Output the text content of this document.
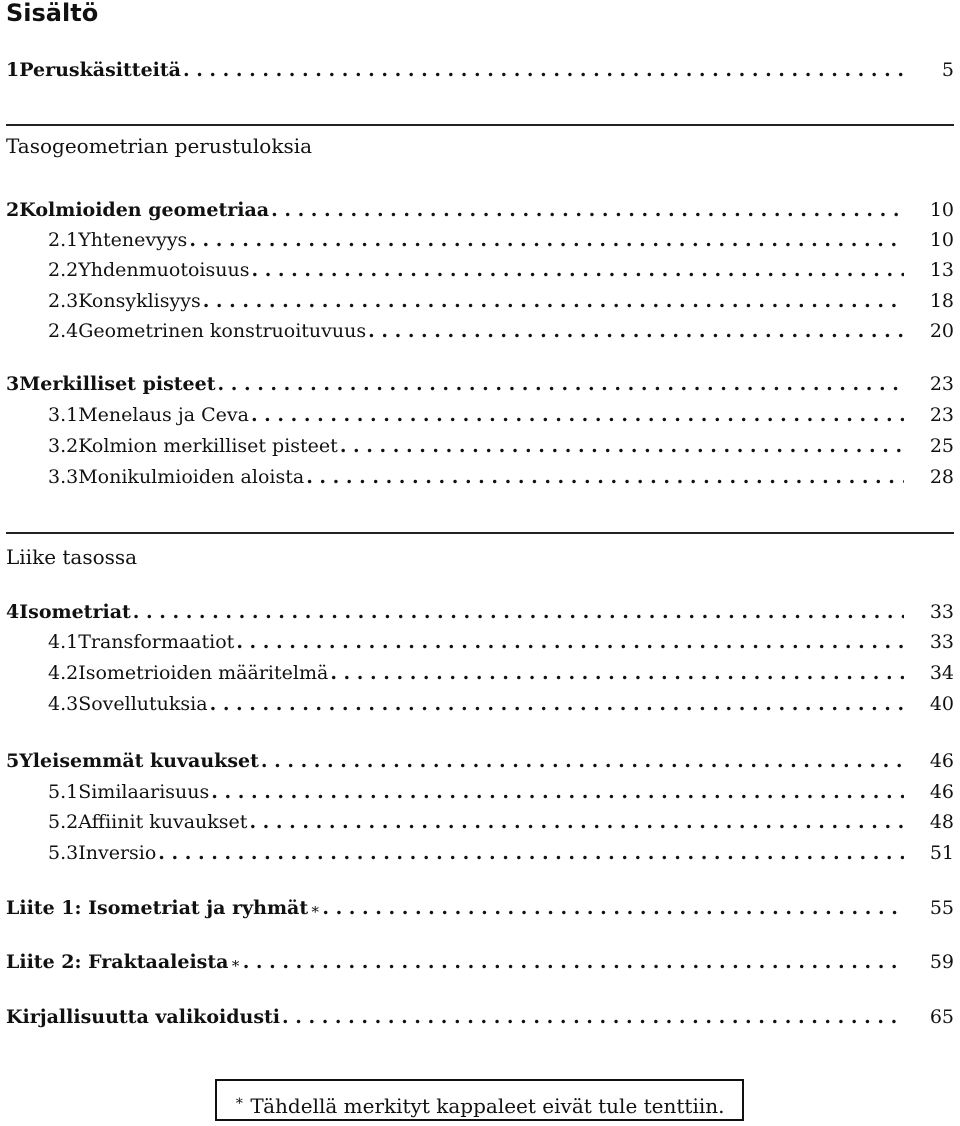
Sisältö
1 Peruskäsitteitä . . .	5
Tasogeometrian perustuloksia
2 Kolmioiden geometriaa . . .	10
2.1 Yhtenevyys . . .	10
2.2 Yhdenmuotoisuus . . .	13
2.3 Konsyklisyys . . .	18
2.4 Geometrinen konstruoituvuus . . .	20
3 Merkilliset pisteet . . .	23
3.1 Menelaus ja Ceva . . .	23
3.2 Kolmion merkilliset pisteet . . .	25
3.3 Monikulmioiden aloista . . .	28
Liike tasossa
4 Isometriat . . .	33
4.1 Transformaatiot . . .	33
4.2 Isometrioiden määritelmä . . .	34
4.3 Sovellutuksia . . .	40
5 Yleisemmät kuvaukset . . .	46
5.1 Similaarisuus . . .	46
5.2 Affiinit kuvaukset . . .	48
5.3 Inversio . . .	51
Liite 1: Isometriat ja ryhmät ∗ . . .	55
Liite 2: Fraktaaleista ∗ . . .	59
Kirjallisuutta valikoidusti . . .	65
∗ Tähdellä merkityt kappaleet eivät tule tenttiin.
